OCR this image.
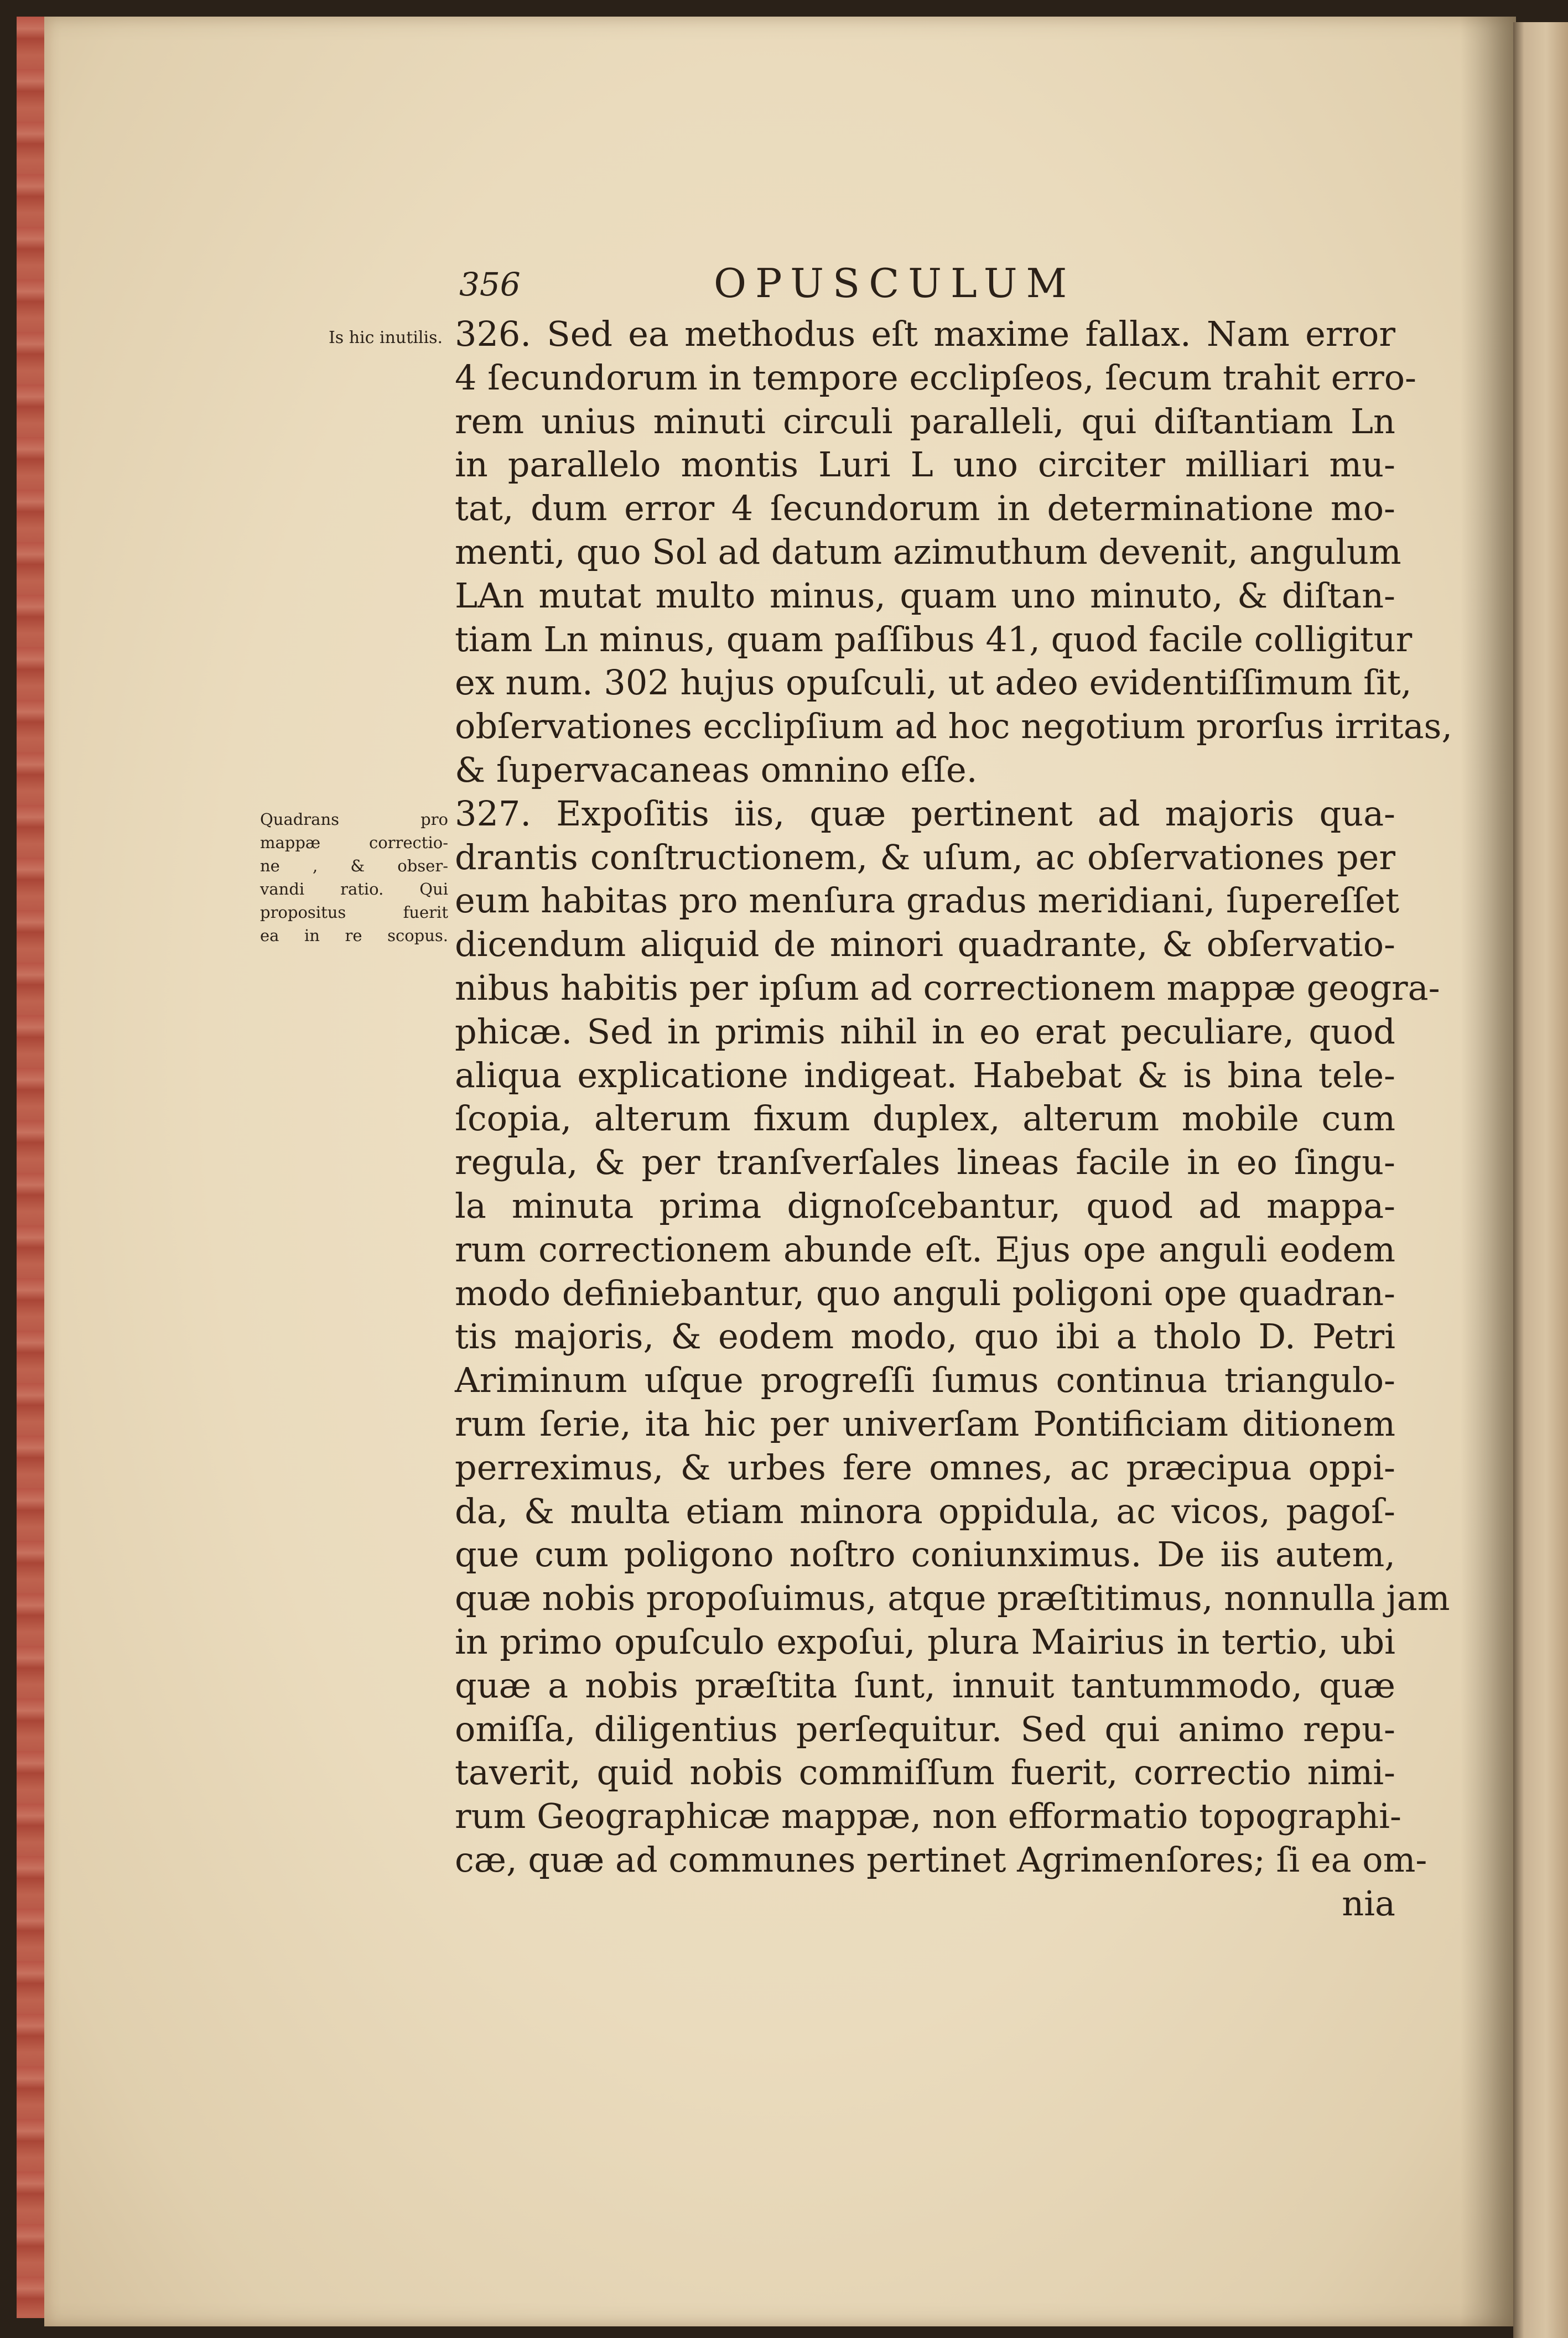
356	OPUSCULUM
Is hic inutilis.
Quadrans pro
mappæ correctio-
ne , & obser-
vandi ratio. Qui
propositus fuerit
ea in re scopus.
326. Sed ea methodus eſt maxime fallax. Nam error
4 ſecundorum in tempore ecclipſeos, ſecum trahit erro-
rem unius minuti circuli paralleli, qui diſtantiam Ln
in parallelo montis Luri L uno circiter milliari mu-
tat, dum error 4 ſecundorum in determinatione mo-
menti, quo Sol ad datum azimuthum devenit, angulum
LAn mutat multo minus, quam uno minuto, & diſtan-
tiam Ln minus, quam paſſibus 41, quod facile colligitur
ex num. 302 hujus opuſculi, ut adeo evidentiſſimum ſit,
obſervationes ecclipſium ad hoc negotium prorſus irritas,
& ſupervacaneas omnino eſſe.
327. Expoſitis iis, quæ pertinent ad majoris qua-
drantis conſtructionem, & uſum, ac obſervationes per
eum habitas pro menſura gradus meridiani, ſupereſſet
dicendum aliquid de minori quadrante, & obſervatio-
nibus habitis per ipſum ad correctionem mappæ geogra-
phicæ. Sed in primis nihil in eo erat peculiare, quod
aliqua explicatione indigeat. Habebat & is bina tele-
ſcopia, alterum fixum duplex, alterum mobile cum
regula, & per tranſverſales lineas facile in eo ſingu-
la minuta prima dignoſcebantur, quod ad mappa-
rum correctionem abunde eſt. Ejus ope anguli eodem
modo definiebantur, quo anguli poligoni ope quadran-
tis majoris, & eodem modo, quo ibi a tholo D. Petri
Ariminum uſque progreſſi ſumus continua triangulo-
rum ſerie, ita hic per univerſam Pontificiam ditionem
perreximus, & urbes fere omnes, ac præcipua oppi-
da, & multa etiam minora oppidula, ac vicos, pagoſ-
que cum poligono noſtro coniunximus. De iis autem,
quæ nobis propoſuimus, atque præſtitimus, nonnulla jam
in primo opuſculo expoſui, plura Mairius in tertio, ubi
quæ a nobis præſtita ſunt, innuit tantummodo, quæ
omiſſa, diligentius perſequitur. Sed qui animo repu-
taverit, quid nobis commiſſum fuerit, correctio nimi-
rum Geographicæ mappæ, non efformatio topographi-
cæ, quæ ad communes pertinet Agrimenſores; ſi ea om-
nia
